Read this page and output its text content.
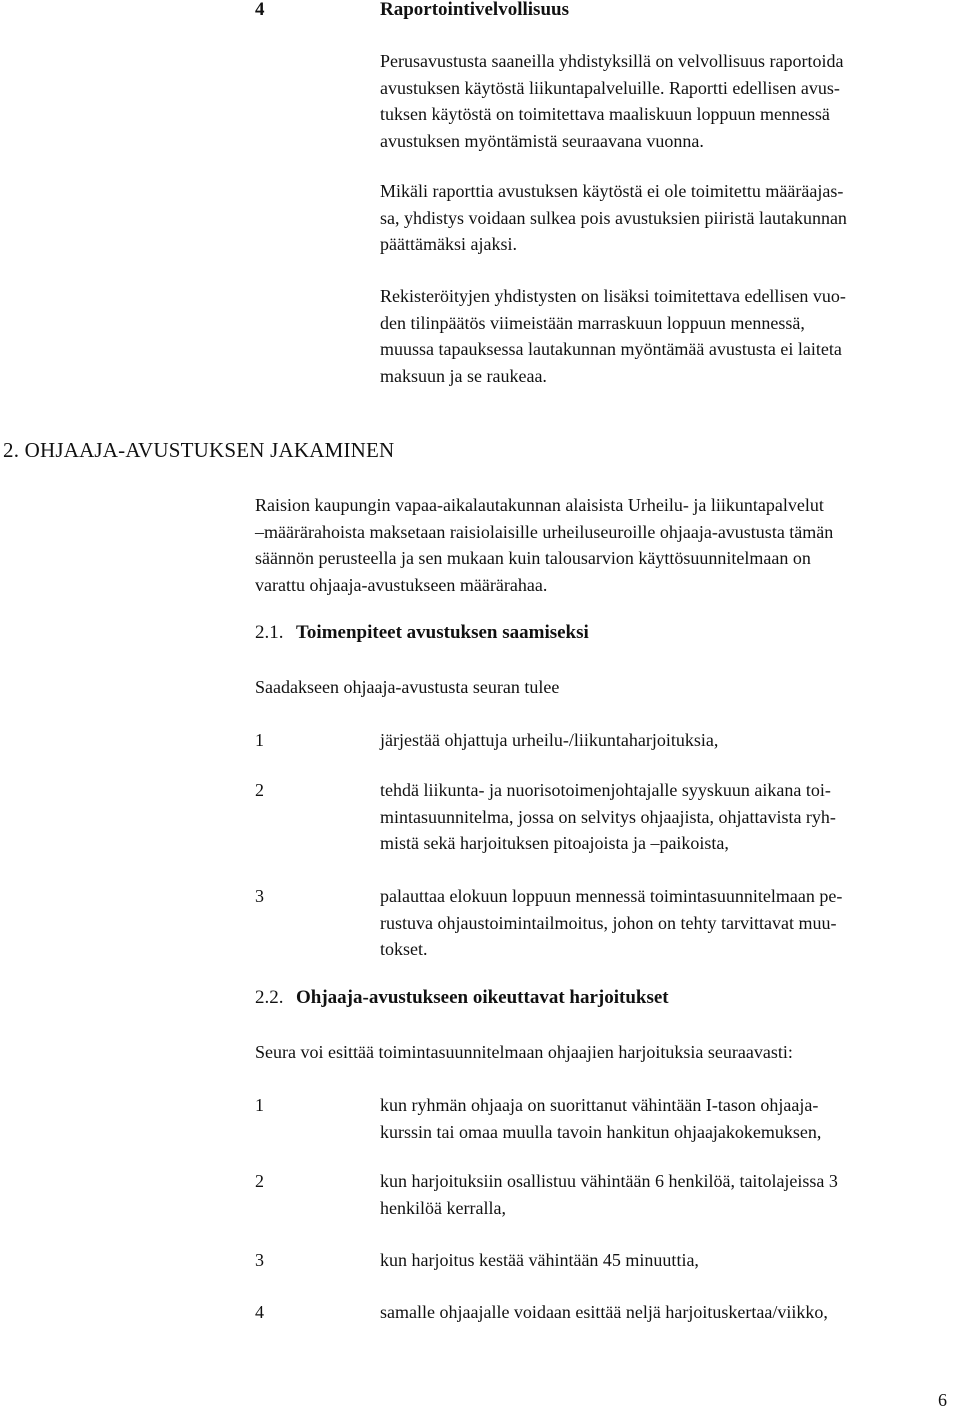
4	Raportointivelvollisuus
Perusavustusta saaneilla yhdistyksillä on velvollisuus raportoida
avustuksen käytöstä liikuntapalveluille. Raportti edellisen avus-
tuksen käytöstä on toimitettava maaliskuun loppuun mennessä
avustuksen myöntämistä seuraavana vuonna.
Mikäli raporttia avustuksen käytöstä ei ole toimitettu määräajas-
sa, yhdistys voidaan sulkea pois avustuksien piiristä lautakunnan
päättämäksi ajaksi.
Rekisteröityjen yhdistysten on lisäksi toimitettava edellisen vuo-
den tilinpäätös viimeistään marraskuun loppuun mennessä,
muussa tapauksessa lautakunnan myöntämää avustusta ei laiteta
maksuun ja se raukeaa.
2. OHJAAJA-AVUSTUKSEN JAKAMINEN
Raision kaupungin vapaa-aikalautakunnan alaisista Urheilu- ja liikuntapalvelut
–määrärahoista maksetaan raisiolaisille urheiluseuroille ohjaaja-avustusta tämän
säännön perusteella ja sen mukaan kuin talousarvion käyttösuunnitelmaan on
varattu ohjaaja-avustukseen määrärahaa.
2.1. Toimenpiteet avustuksen saamiseksi
Saadakseen ohjaaja-avustusta seuran tulee
1	järjestää ohjattuja urheilu-/liikuntaharjoituksia,
2	tehdä liikunta- ja nuorisotoimenjohtajalle syyskuun aikana toi-
mintasuunnitelma, jossa on selvitys ohjaajista, ohjattavista ryh-
mistä sekä harjoituksen pitoajoista ja –paikoista,
3	palauttaa elokuun loppuun mennessä toimintasuunnitelmaan pe-
rustuva ohjaustoimintailmoitus, johon on tehty tarvittavat muu-
tokset.
2.2. Ohjaaja-avustukseen oikeuttavat harjoitukset
Seura voi esittää toimintasuunnitelmaan ohjaajien harjoituksia seuraavasti:
1	kun ryhmän ohjaaja on suorittanut vähintään I-tason ohjaaja-
kurssin tai omaa muulla tavoin hankitun ohjaajakokemuksen,
2	kun harjoituksiin osallistuu vähintään 6 henkilöä, taitolajeissa 3
henkilöä kerralla,
3	kun harjoitus kestää vähintään 45 minuuttia,
4	samalle ohjaajalle voidaan esittää neljä harjoituskertaa/viikko,
6
